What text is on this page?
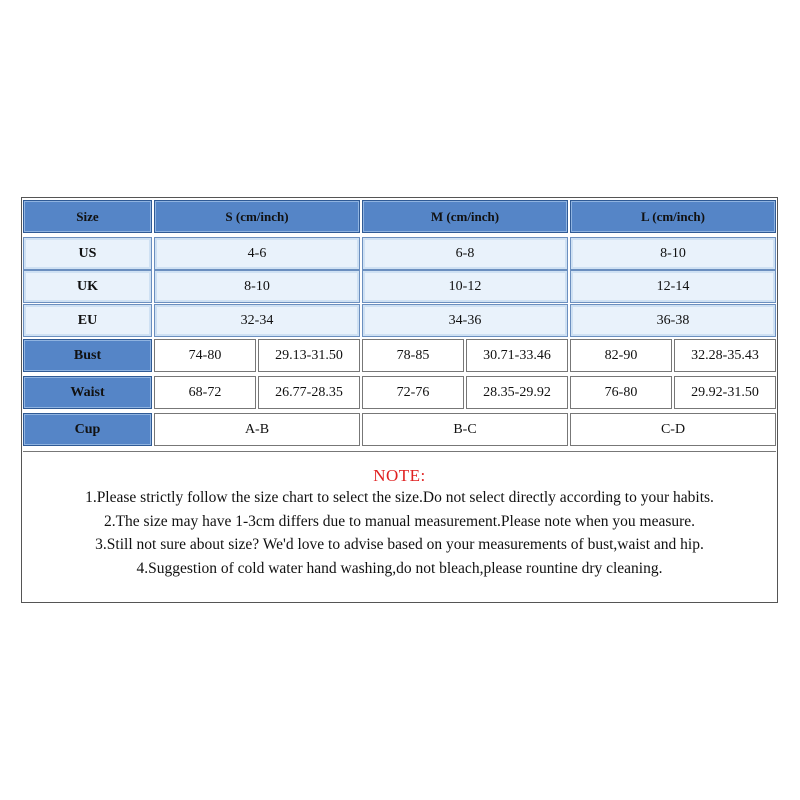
Size	S (cm/inch)	M (cm/inch)	L (cm/inch)
US	4-6	6-8	8-10
UK	8-10	10-12	12-14
EU	32-34	34-36	36-38
Bust	74-80	29.13-31.50	78-85	30.71-33.46	82-90	32.28-35.43
Waist	68-72	26.77-28.35	72-76	28.35-29.92	76-80	29.92-31.50
Cup	A-B	B-C	C-D
NOTE:
1.Please strictly follow the size chart to select the size.Do not select directly according to your habits.
2.The size may have 1-3cm differs due to manual measurement.Please note when you measure.
3.Still not sure about size? We'd love to advise based on your measurements of bust,waist and hip.
4.Suggestion of cold water hand washing,do not bleach,please rountine dry cleaning.
